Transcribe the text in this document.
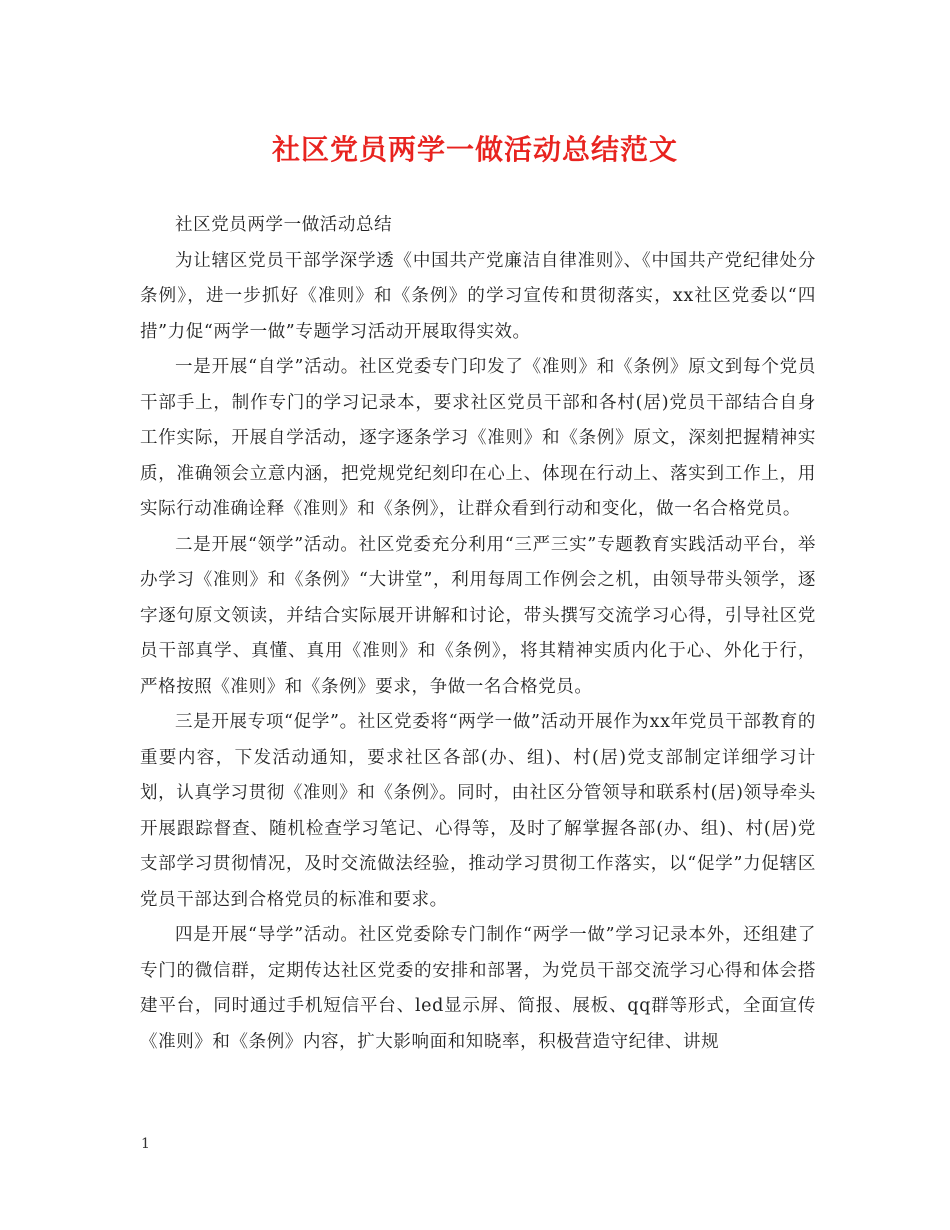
社区党员两学一做活动总结范文

社区党员两学一做活动总结

为让辖区党员干部学深学透《中国共产党廉洁自律准则》、《中国共产党纪律处分条例》，进一步抓好《准则》和《条例》的学习宣传和贯彻落实，xx社区党委以“四措”力促“两学一做”专题学习活动开展取得实效。

一是开展“自学”活动。社区党委专门印发了《准则》和《条例》原文到每个党员干部手上，制作专门的学习记录本，要求社区党员干部和各村(居)党员干部结合自身工作实际，开展自学活动，逐字逐条学习《准则》和《条例》原文，深刻把握精神实质，准确领会立意内涵，把党规党纪刻印在心上、体现在行动上、落实到工作上，用实际行动准确诠释《准则》和《条例》，让群众看到行动和变化，做一名合格党员。

二是开展“领学”活动。社区党委充分利用“三严三实”专题教育实践活动平台，举办学习《准则》和《条例》“大讲堂”，利用每周工作例会之机，由领导带头领学，逐字逐句原文领读，并结合实际展开讲解和讨论，带头撰写交流学习心得，引导社区党员干部真学、真懂、真用《准则》和《条例》，将其精神实质内化于心、外化于行，严格按照《准则》和《条例》要求，争做一名合格党员。

三是开展专项“促学”。社区党委将“两学一做”活动开展作为xx年党员干部教育的重要内容，下发活动通知，要求社区各部(办、组)、村(居)党支部制定详细学习计划，认真学习贯彻《准则》和《条例》。同时，由社区分管领导和联系村(居)领导牵头开展跟踪督查、随机检查学习笔记、心得等，及时了解掌握各部(办、组)、村(居)党支部学习贯彻情况，及时交流做法经验，推动学习贯彻工作落实，以“促学”力促辖区党员干部达到合格党员的标准和要求。

四是开展“导学”活动。社区党委除专门制作“两学一做”学习记录本外，还组建了专门的微信群，定期传达社区党委的安排和部署，为党员干部交流学习心得和体会搭建平台，同时通过手机短信平台、led显示屏、简报、展板、qq群等形式，全面宣传《准则》和《条例》内容，扩大影响面和知晓率，积极营造守纪律、讲规

1
